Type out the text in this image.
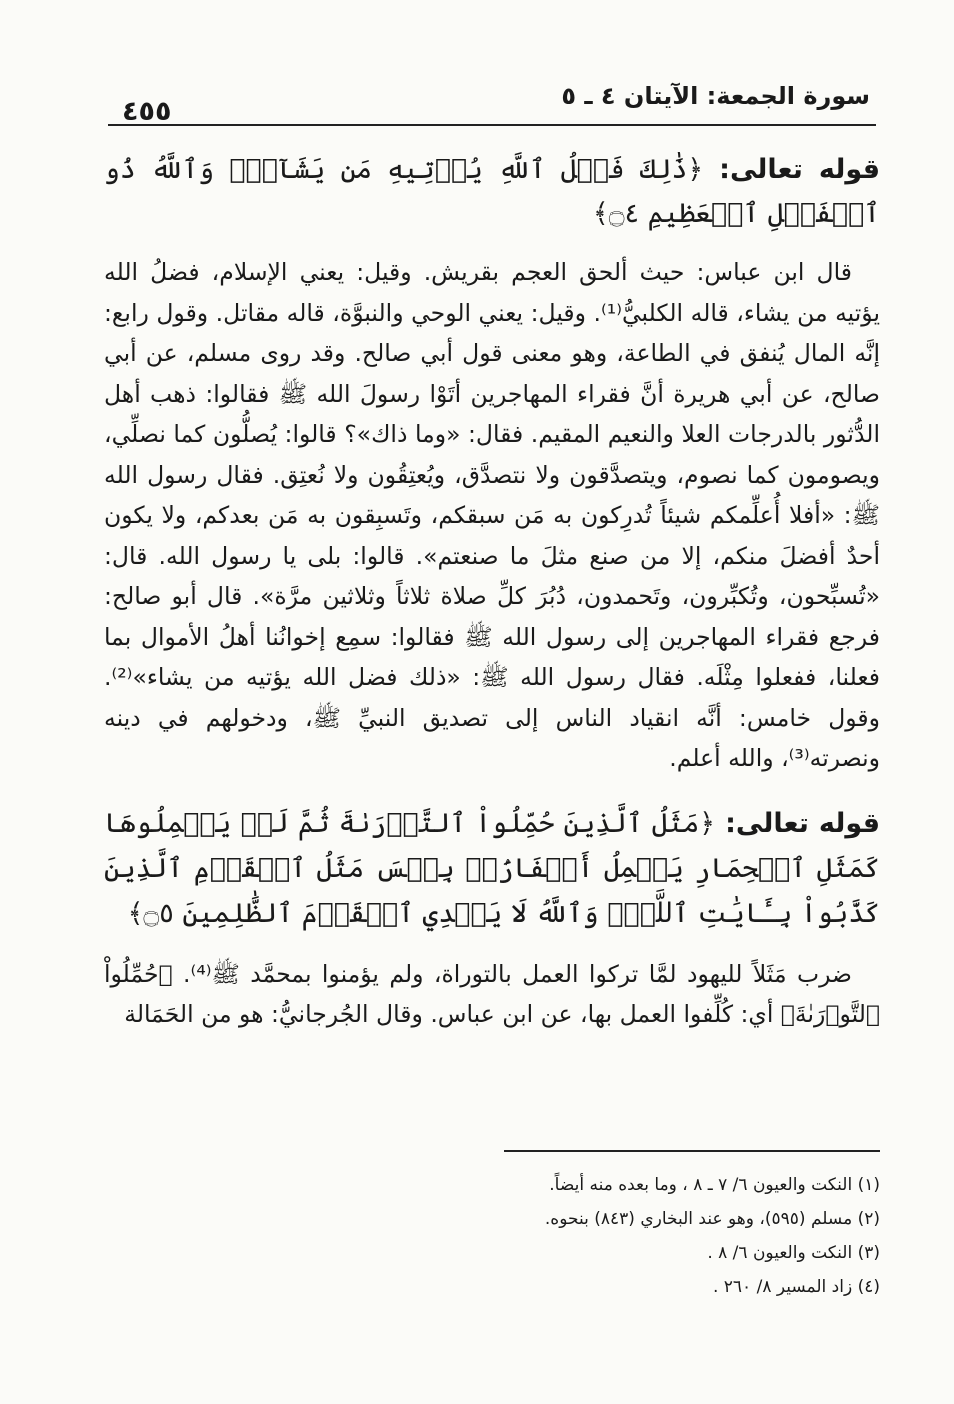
سورة الجمعة: الآيتان ٤ ـ ٥
٤٥٥

قوله تعالى: ﴿ذَٰلِكَ فَضۡلُ ٱللَّهِ يُؤۡتِيهِ مَن يَشَآءُۚ وَٱللَّهُ ذُو ٱلۡفَضۡلِ ٱلۡعَظِيمِ ۝٤﴾

قال ابن عباس: حيث ألحق العجم بقريش. وقيل: يعني الإسلام، فضلُ الله يؤتيه من يشاء، قاله الكلبيُّ⁽¹⁾. وقيل: يعني الوحي والنبوَّة، قاله مقاتل. وقول رابع: إنَّه المال يُنفق في الطاعة، وهو معنى قول أبي صالح. وقد روى مسلم، عن أبي صالح، عن أبي هريرة أنَّ فقراء المهاجرين أتَوْا رسولَ الله ﷺ فقالوا: ذهب أهل الدُّثور بالدرجات العلا والنعيم المقيم. فقال: «وما ذاك»؟ قالوا: يُصلُّون كما نصلِّي، ويصومون كما نصوم، ويتصدَّقون ولا نتصدَّق، ويُعتِقُون ولا نُعتِق. فقال رسول الله ﷺ: «أفلا أُعلِّمكم شيئاً تُدرِكون به مَن سبقكم، وتَسبِقون به مَن بعدكم، ولا يكون أحدٌ أفضلَ منكم، إلا من صنع مثلَ ما صنعتم». قالوا: بلى يا رسول الله. قال: «تُسبِّحون، وتُكبِّرون، وتَحمدون، دُبُرَ كلِّ صلاة ثلاثاً وثلاثين مرَّة». قال أبو صالح: فرجع فقراء المهاجرين إلى رسول الله ﷺ فقالوا: سمِع إخوانُنا أهلُ الأموال بما فعلنا، ففعلوا مِثْلَه. فقال رسول الله ﷺ: «ذلك فضل الله يؤتيه من يشاء»⁽²⁾. وقول خامس: أنَّه انقياد الناس إلى تصديق النبيِّ ﷺ، ودخولهم في دينه ونصرته⁽³⁾، والله أعلم.

قوله تعالى: ﴿مَثَلُ ٱلَّذِينَ حُمِّلُواْ ٱلتَّوۡرَىٰةَ ثُمَّ لَمۡ يَحۡمِلُوهَا كَمَثَلِ ٱلۡحِمَارِ يَحۡمِلُ أَسۡفَارَۢاۚ بِئۡسَ مَثَلُ ٱلۡقَوۡمِ ٱلَّذِينَ كَذَّبُواْ بِـَٔايَٰتِ ٱللَّهِۚ وَٱللَّهُ لَا يَهۡدِي ٱلۡقَوۡمَ ٱلظَّٰلِمِينَ ۝٥﴾

ضرب مَثَلاً لليهود لمَّا تركوا العمل بالتوراة، ولم يؤمنوا بمحمَّد ﷺ⁽⁴⁾. ﴿حُمِّلُواْ ٱلتَّوۡرَىٰةَ﴾ أي: كُلِّفوا العمل بها، عن ابن عباس. وقال الجُرجانيُّ: هو من الحَمَالة

(١) النكت والعيون ٦/ ٧ ـ ٨ ، وما بعده منه أيضاً.
(٢) مسلم (٥٩٥)، وهو عند البخاري (٨٤٣) بنحوه.
(٣) النكت والعيون ٦/ ٨ .
(٤) زاد المسير ٨/ ٢٦٠ .
